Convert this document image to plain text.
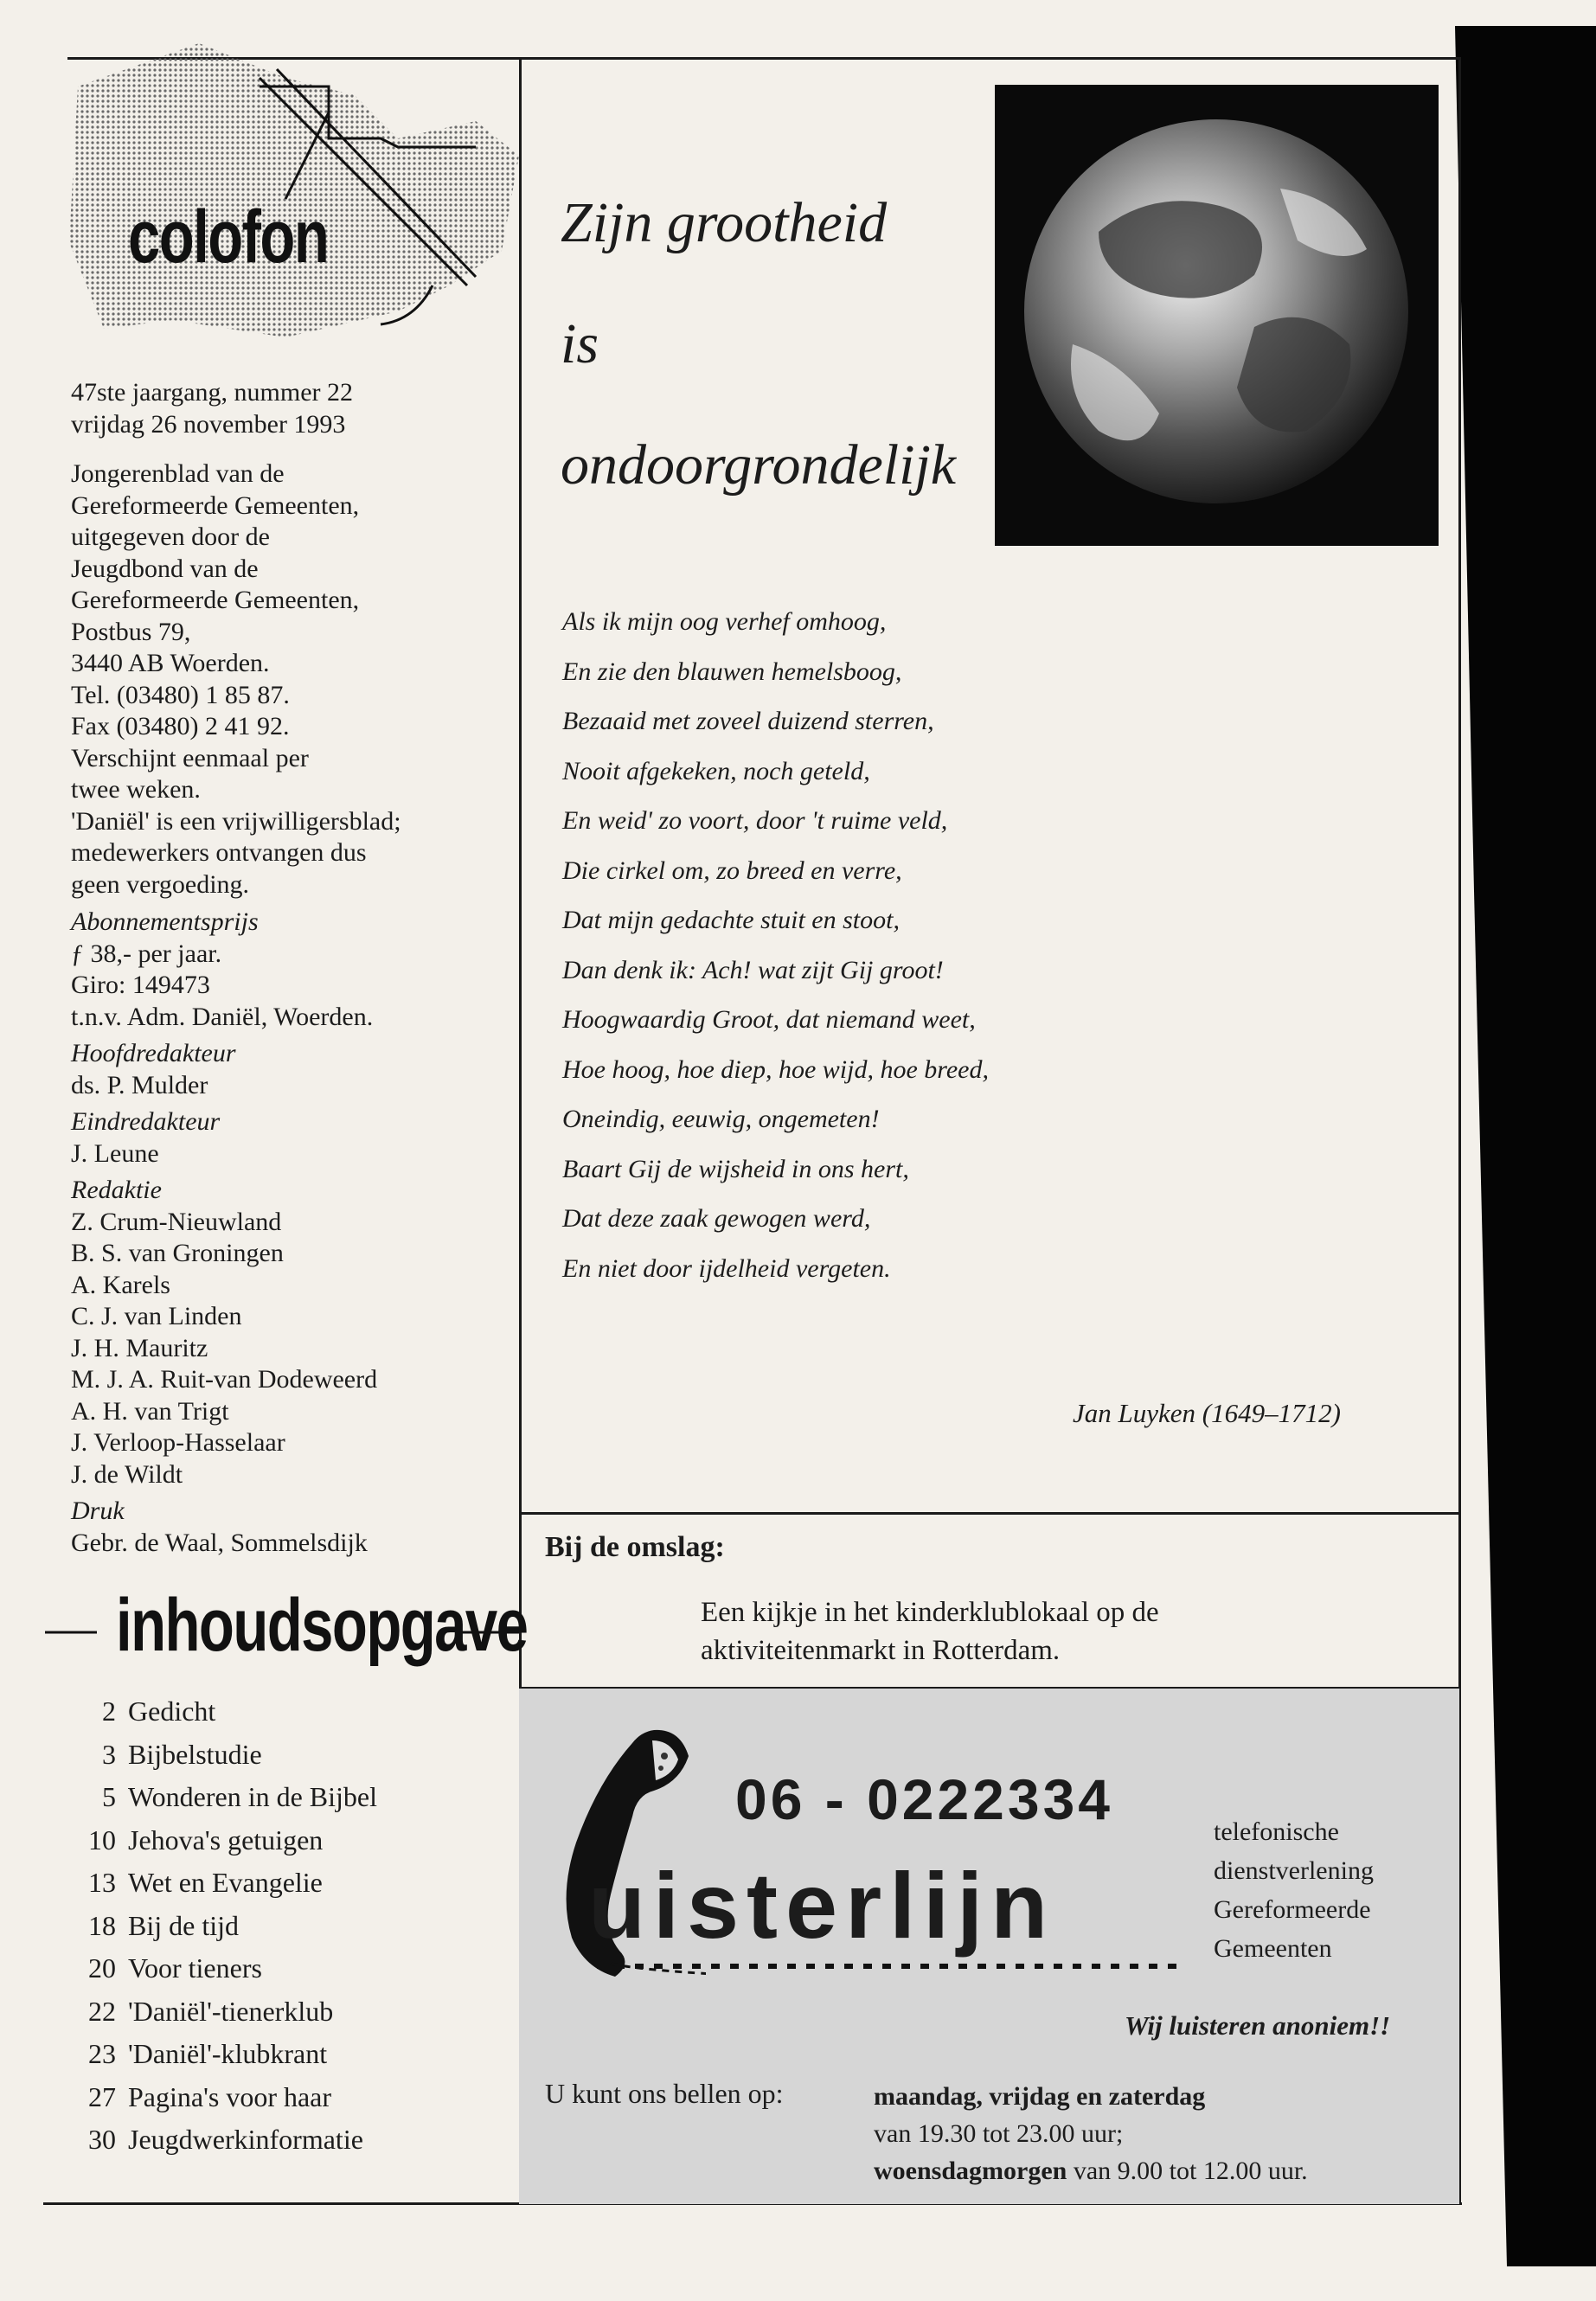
colofon

47ste jaargang, nummer 22

vrijdag 26 november 1993

Jongerenblad van de

Gereformeerde Gemeenten,

uitgegeven door de

Jeugdbond van de

Gereformeerde Gemeenten,

Postbus 79,

3440 AB Woerden.

Tel. (03480) 1 85 87.

Fax (03480) 2 41 92.

Verschijnt eenmaal per

twee weken.

'Daniël' is een vrijwilligersblad;

medewerkers ontvangen dus

geen vergoeding.

Abonnementsprijs

ƒ 38,- per jaar.

Giro: 149473

t.n.v. Adm. Daniël, Woerden.

Hoofdredakteur

ds. P. Mulder

Eindredakteur

J. Leune

Redaktie

Z. Crum-Nieuwland

B. S. van Groningen

A. Karels

C. J. van Linden

J. H. Mauritz

M. J. A. Ruit-van Dodeweerd

A. H. van Trigt

J. Verloop-Hasselaar

J. de Wildt

Druk

Gebr. de Waal, Sommelsdijk

inhoudsopgave
2 Gedicht
3 Bijbelstudie
5 Wonderen in de Bijbel
10 Jehova's getuigen
13 Wet en Evangelie
18 Bij de tijd
20 Voor tieners
22 'Daniël'-tienerklub
23 'Daniël'-klubkrant
27 Pagina's voor haar
30 Jeugdwerkinformatie
Zijn grootheid
is
ondoorgrondelijk
Als ik mijn oog verhef omhoog,
En zie den blauwen hemelsboog,
Bezaaid met zoveel duizend sterren,
Nooit afgekeken, noch geteld,
En weid' zo voort, door 't ruime veld,
Die cirkel om, zo breed en verre,
Dat mijn gedachte stuit en stoot,
Dan denk ik: Ach! wat zijt Gij groot!
Hoogwaardig Groot, dat niemand weet,
Hoe hoog, hoe diep, hoe wijd, hoe breed,
Oneindig, eeuwig, ongemeten!
Baart Gij de wijsheid in ons hert,
Dat deze zaak gewogen werd,
En niet door ijdelheid vergeten.
Jan Luyken (1649–1712)
Bij de omslag:
Een kijkje in het kinderklublokaal op de
aktiviteitenmarkt in Rotterdam.
06 - 0222334
uisterlijn
telefonische
dienstverlening
Gereformeerde
Gemeenten
Wij luisteren anoniem!!
U kunt ons bellen op:	maandag, vrijdag en zaterdag
van 19.30 tot 23.00 uur;
woensdagmorgen van 9.00 tot 12.00 uur.
